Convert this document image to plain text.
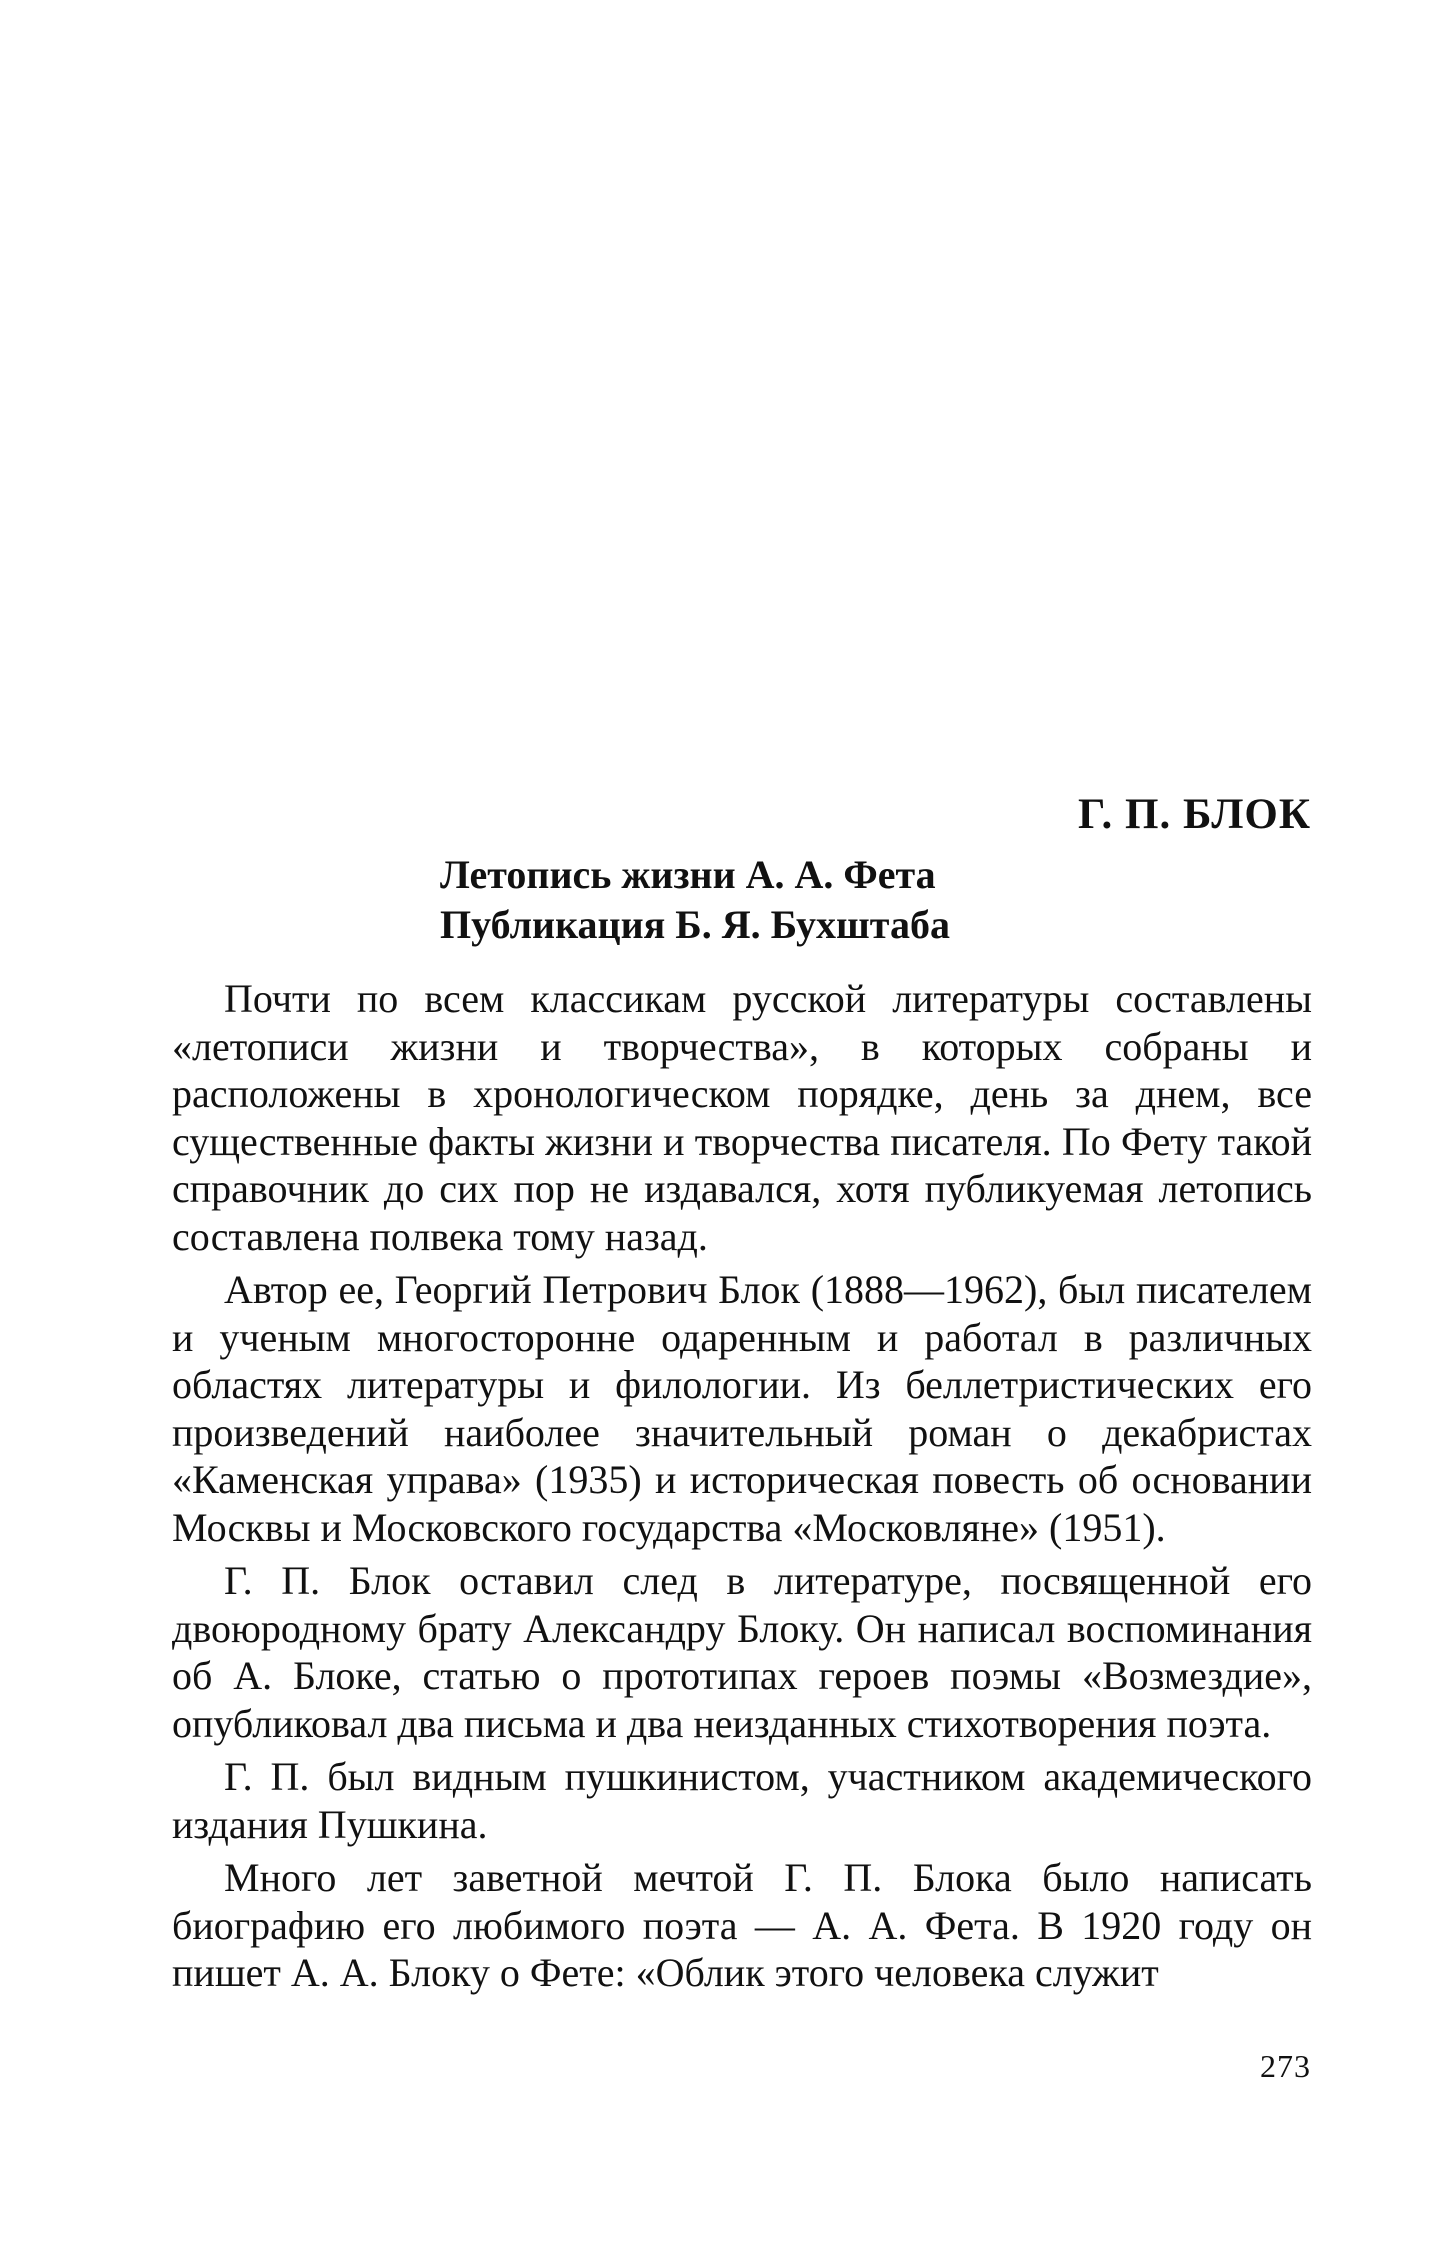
Г. П. БЛОК
Летопись жизни А. А. Фета
Публикация Б. Я. Бухштаба

Почти по всем классикам русской литературы составлены «летописи жизни и творчества», в которых собраны и расположены в хронологическом порядке, день за днем, все существенные факты жизни и творчества писателя. По Фету такой справочник до сих пор не издавался, хотя публикуемая летопись составлена полвека тому назад.

Автор ее, Георгий Петрович Блок (1888—1962), был писателем и ученым многосторонне одаренным и работал в различных областях литературы и филологии. Из беллетристических его произведений наиболее значительный роман о декабристах «Каменская управа» (1935) и историческая повесть об основании Москвы и Московского государства «Московляне» (1951).

Г. П. Блок оставил след в литературе, посвященной его двоюродному брату Александру Блоку. Он написал воспоминания об А. Блоке, статью о прототипах героев поэмы «Возмездие», опубликовал два письма и два неизданных стихотворения поэта.

Г. П. был видным пушкинистом, участником академического издания Пушкина.

Много лет заветной мечтой Г. П. Блока было написать биографию его любимого поэта — А. А. Фета. В 1920 году он пишет А. А. Блоку о Фете: «Облик этого человека служит

273
